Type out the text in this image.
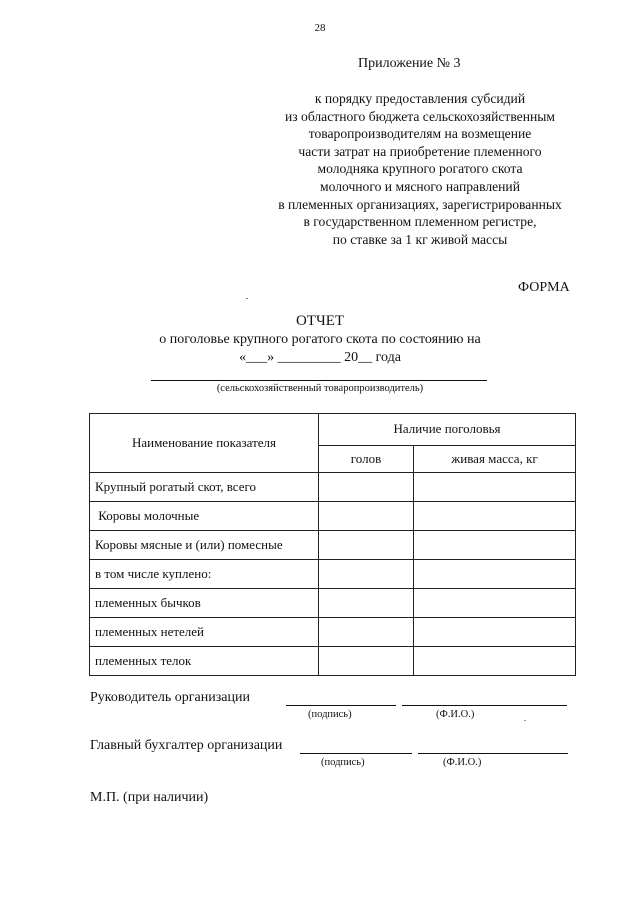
28
Приложение № 3
к порядку предоставления субсидий
из областного бюджета сельскохозяйственным
товаропроизводителям на возмещение
части затрат на приобретение племенного
молодняка крупного рогатого скота
молочного и мясного направлений
в племенных организациях, зарегистрированных
в государственном племенном регистре,
по ставке за 1 кг живой массы
ФОРМА
ОТЧЕТ
о поголовье крупного рогатого скота по состоянию на
«___» _________ 20__ года
(сельскохозяйственный товаропроизводитель)
Наименование показателя	Наличие поголовья	
	голов	живая масса, кг
Крупный рогатый скот, всего		
Коровы молочные		
Коровы мясные и (или) помесные		
в том числе куплено:		
племенных бычков		
племенных нетелей		
племенных телок		
Руководитель организации
(подпись)	(Ф.И.О.)
Главный бухгалтер организации
(подпись)	(Ф.И.О.)
М.П. (при наличии)
